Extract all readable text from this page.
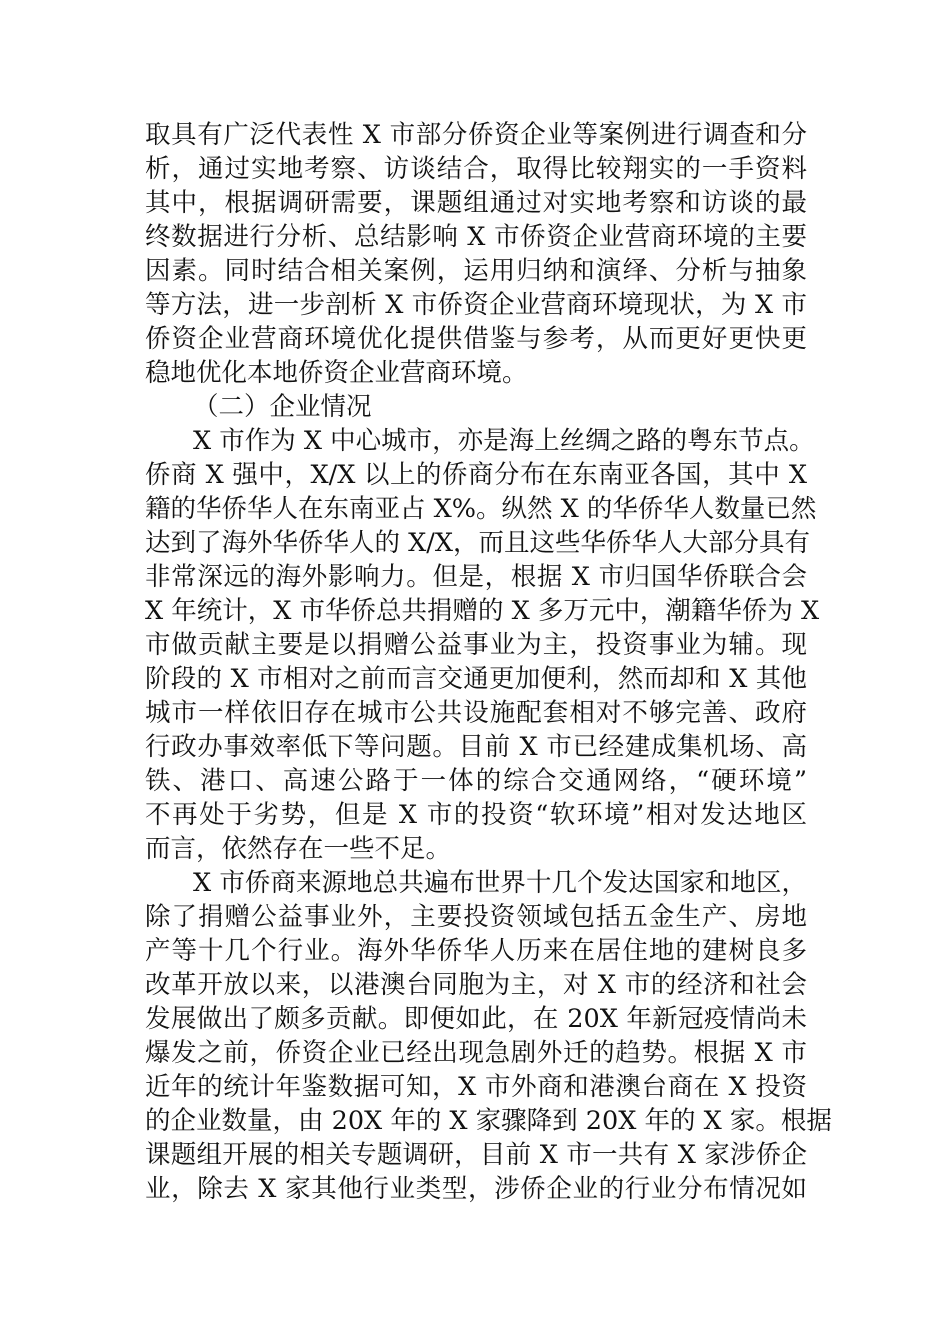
取具有广泛代表性 X 市部分侨资企业等案例进行调查和分

析，通过实地考察、访谈结合，取得比较翔实的一手资料

其中，根据调研需要，课题组通过对实地考察和访谈的最

终数据进行分析、总结影响 X 市侨资企业营商环境的主要

因素。同时结合相关案例，运用归纳和演绎、分析与抽象

等方法，进一步剖析 X 市侨资企业营商环境现状，为 X 市

侨资企业营商环境优化提供借鉴与参考，从而更好更快更

稳地优化本地侨资企业营商环境。

（二）企业情况

X 市作为 X 中心城市，亦是海上丝绸之路的粤东节点。

侨商 X 强中，X/X 以上的侨商分布在东南亚各国，其中 X

籍的华侨华人在东南亚占 X%。纵然 X 的华侨华人数量已然

达到了海外华侨华人的 X/X，而且这些华侨华人大部分具有

非常深远的海外影响力。但是，根据 X 市归国华侨联合会

X 年统计，X 市华侨总共捐赠的 X 多万元中，潮籍华侨为 X

市做贡献主要是以捐赠公益事业为主，投资事业为辅。现

阶段的 X 市相对之前而言交通更加便利，然而却和 X 其他

城市一样依旧存在城市公共设施配套相对不够完善、政府

行政办事效率低下等问题。目前 X 市已经建成集机场、高

铁、港口、高速公路于一体的综合交通网络，“硬环境”

不再处于劣势，但是 X 市的投资“软环境”相对发达地区

而言，依然存在一些不足。

X 市侨商来源地总共遍布世界十几个发达国家和地区，

除了捐赠公益事业外，主要投资领域包括五金生产、房地

产等十几个行业。海外华侨华人历来在居住地的建树良多

改革开放以来，以港澳台同胞为主，对 X 市的经济和社会

发展做出了颇多贡献。即便如此，在 20X 年新冠疫情尚未

爆发之前，侨资企业已经出现急剧外迁的趋势。根据 X 市

近年的统计年鉴数据可知，X 市外商和港澳台商在 X 投资

的企业数量，由 20X 年的 X 家骤降到 20X 年的 X 家。根据

课题组开展的相关专题调研，目前 X 市一共有 X 家涉侨企

业，除去 X 家其他行业类型，涉侨企业的行业分布情况如
